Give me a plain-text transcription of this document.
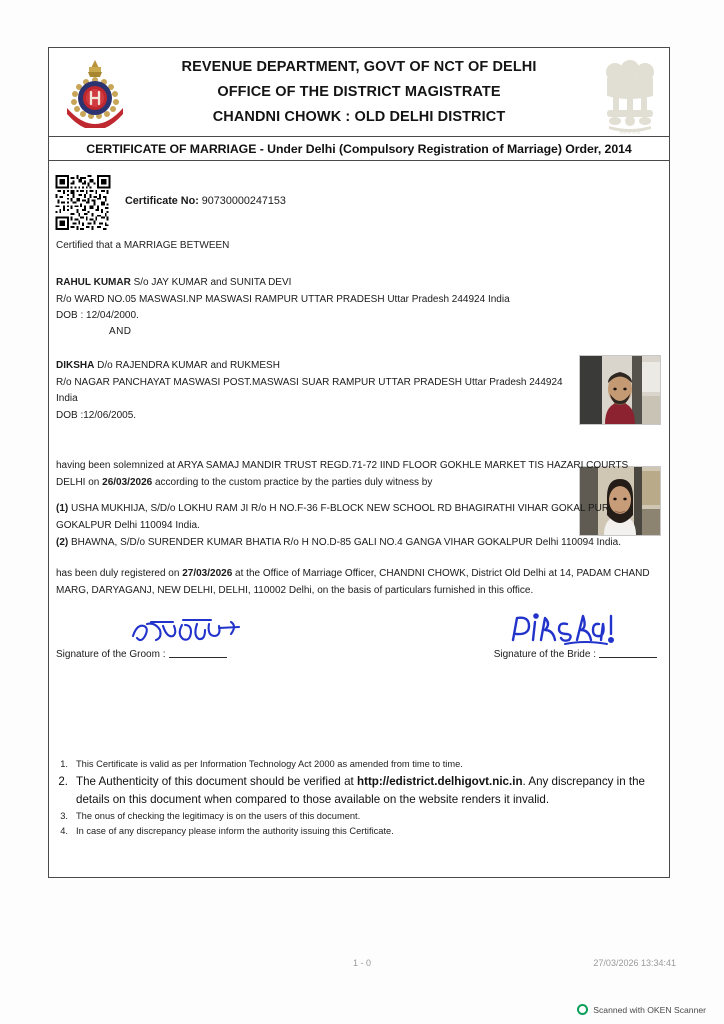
REVENUE DEPARTMENT, GOVT OF NCT OF DELHI
OFFICE OF THE DISTRICT MAGISTRATE
CHANDNI CHOWK : OLD DELHI DISTRICT
सत्यमेव जयते
CERTIFICATE OF MARRIAGE - Under Delhi (Compulsory Registration of Marriage) Order, 2014
Certificate No: 90730000247153
Certified that a MARRIAGE BETWEEN
RAHUL KUMAR S/o JAY KUMAR and SUNITA DEVI
R/o WARD NO.05 MASWASI.NP MASWASI RAMPUR UTTAR PRADESH Uttar Pradesh 244924 India
DOB : 12/04/2000.
AND
DIKSHA D/o RAJENDRA KUMAR and RUKMESH
R/o NAGAR PANCHAYAT MASWASI POST.MASWASI SUAR RAMPUR UTTAR PRADESH Uttar Pradesh 244924 India
DOB :12/06/2005.
having been solemnized at ARYA SAMAJ MANDIR TRUST REGD.71-72 IIND FLOOR GOKHLE MARKET TIS HAZARI COURTS DELHI on 26/03/2026 according to the custom practice by the parties duly witness by
(1) USHA MUKHIJA, S/D/o LOKHU RAM JI R/o H NO.F-36 F-BLOCK NEW SCHOOL RD BHAGIRATHI VIHAR GOKAL PUR GOKALPUR Delhi 110094 India.
(2) BHAWNA, S/D/o SURENDER KUMAR BHATIA R/o H NO.D-85 GALI NO.4 GANGA VIHAR GOKALPUR Delhi 110094 India.
has been duly registered on 27/03/2026 at the Office of Marriage Officer, CHANDNI CHOWK, District Old Delhi at 14, PADAM CHAND MARG, DARYAGANJ, NEW DELHI, DELHI, 110002 Delhi, on the basis of particulars furnished in this office.
Signature of the Groom :	Signature of the Bride :
1. This Certificate is valid as per Information Technology Act 2000 as amended from time to time.
2. The Authenticity of this document should be verified at http://edistrict.delhigovt.nic.in. Any discrepancy in the details on this document when compared to those available on the website renders it invalid.
3. The onus of checking the legitimacy is on the users of this document.
4. In case of any discrepancy please inform the authority issuing this Certificate.
1 - 0	27/03/2026 13:34:41
Scanned with OKEN Scanner
